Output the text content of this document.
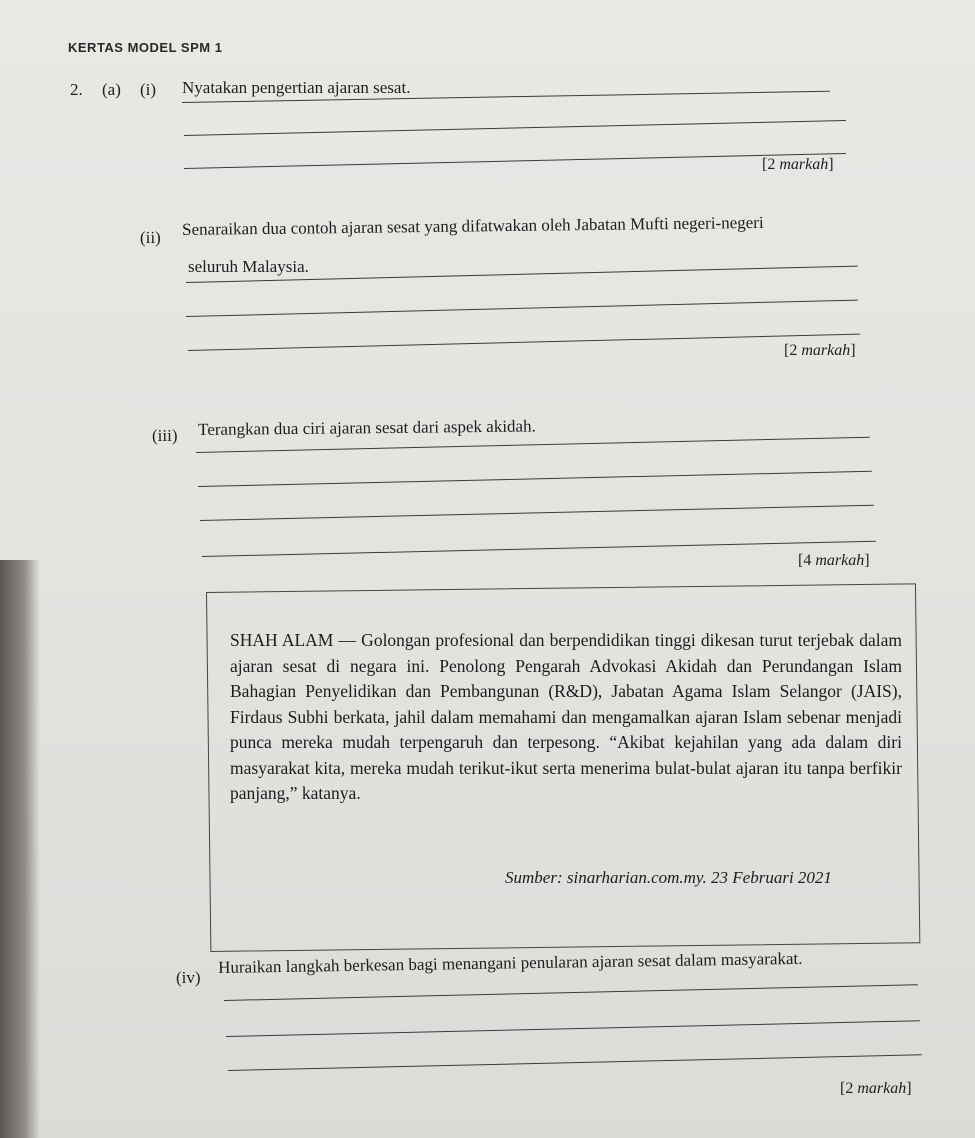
KERTAS MODEL SPM 1
2. (a) (i) Nyatakan pengertian ajaran sesat.
[2 markah]
(ii) Senaraikan dua contoh ajaran sesat yang difatwakan oleh Jabatan Mufti negeri-negeri
seluruh Malaysia.
[2 markah]
(iii) Terangkan dua ciri ajaran sesat dari aspek akidah.
[4 markah]

SHAH ALAM — Golongan profesional dan berpendidikan tinggi dikesan turut terjebak dalam ajaran sesat di negara ini. Penolong Pengarah Advokasi Akidah dan Perundangan Islam Bahagian Penyelidikan dan Pembangunan (R&D), Jabatan Agama Islam Selangor (JAIS), Firdaus Subhi berkata, jahil dalam memahami dan mengamalkan ajaran Islam sebenar menjadi punca mereka mudah terpengaruh dan terpesong. “Akibat kejahilan yang ada dalam diri masyarakat kita, mereka mudah terikut-ikut serta menerima bulat-bulat ajaran itu tanpa berfikir panjang,” katanya.

Sumber: sinarharian.com.my. 23 Februari 2021
(iv)
Huraikan langkah berkesan bagi menangani penularan ajaran sesat dalam masyarakat.
[2 markah]
